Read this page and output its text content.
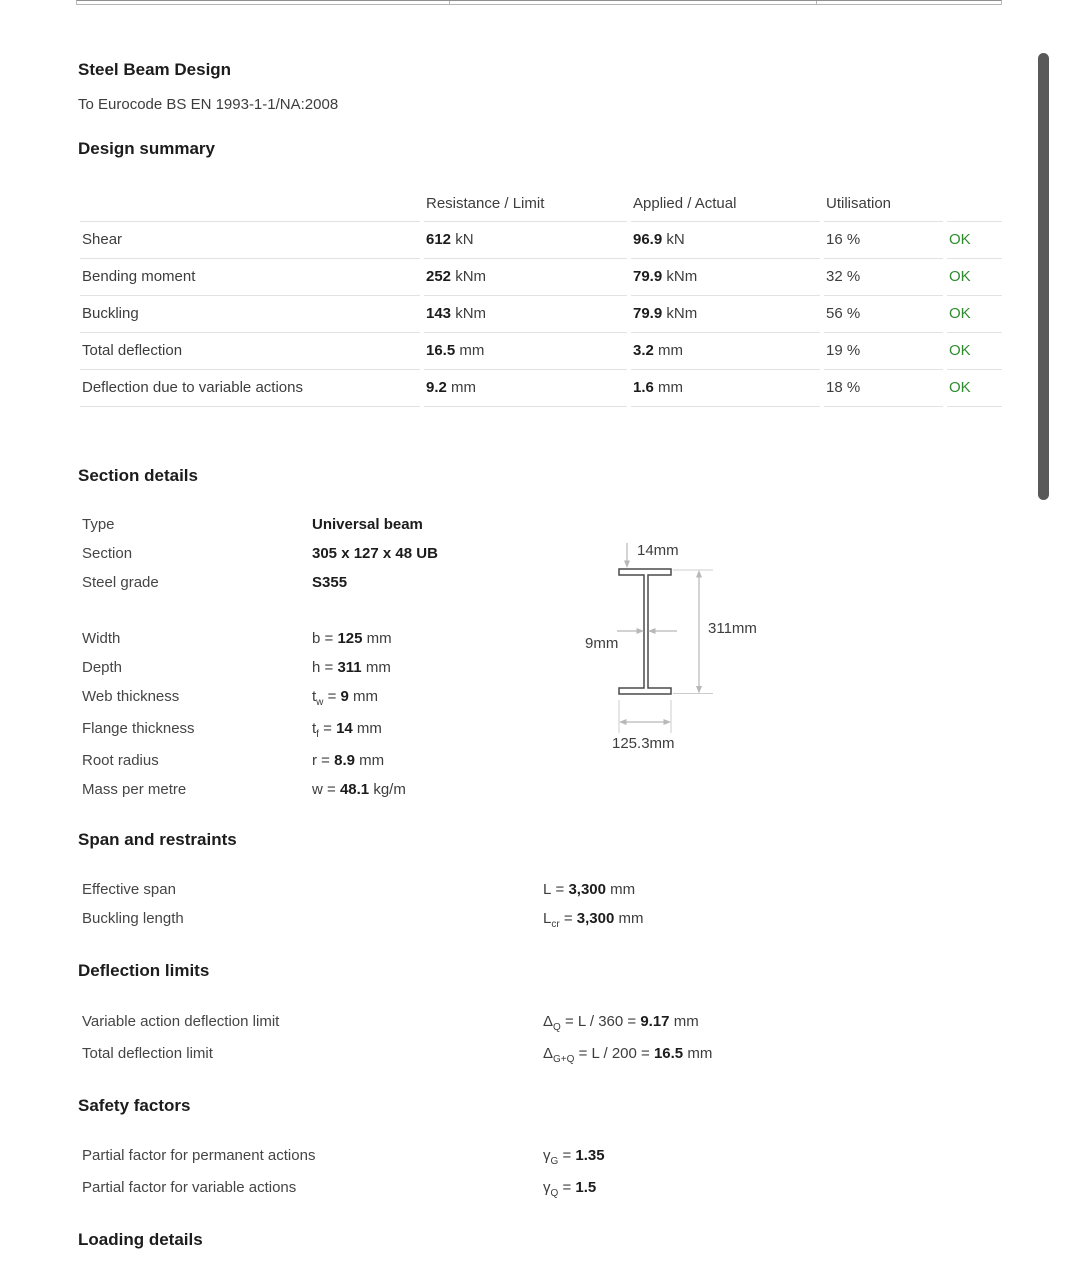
Steel Beam Design
To Eurocode BS EN 1993-1-1/NA:2008
Design summary
	Resistance / Limit	Applied / Actual	Utilisation	
Shear	612 kN	96.9 kN	16 %	OK
Bending moment	252 kNm	79.9 kNm	32 %	OK
Buckling	143 kNm	79.9 kNm	56 %	OK
Total deflection	16.5 mm	3.2 mm	19 %	OK
Deflection due to variable actions	9.2 mm	1.6 mm	18 %	OK
Section details
Type	Universal beam
Section	305 x 127 x 48 UB
Steel grade	S355
Width	b = 125 mm
Depth	h = 311 mm
Web thickness	$t_w = 9$ mm
Flange thickness	$t_f = 14$ mm
Root radius	r = 8.9 mm
Mass per metre	w = 48.1 kg/m
14mm
311mm
9mm
125.3mm
Span and restraints
Effective span	L = 3,300 mm
Buckling length	$L_{cr} = 3,300$ mm
Deflection limits
Variable action deflection limit	$\Delta_Q = L / 360 = 9.17$ mm
Total deflection limit	$\Delta_{G+Q} = L / 200 = 16.5$ mm
Safety factors
Partial factor for permanent actions	$\gamma_G = 1.35$
Partial factor for variable actions	$\gamma_Q = 1.5$
Loading details
